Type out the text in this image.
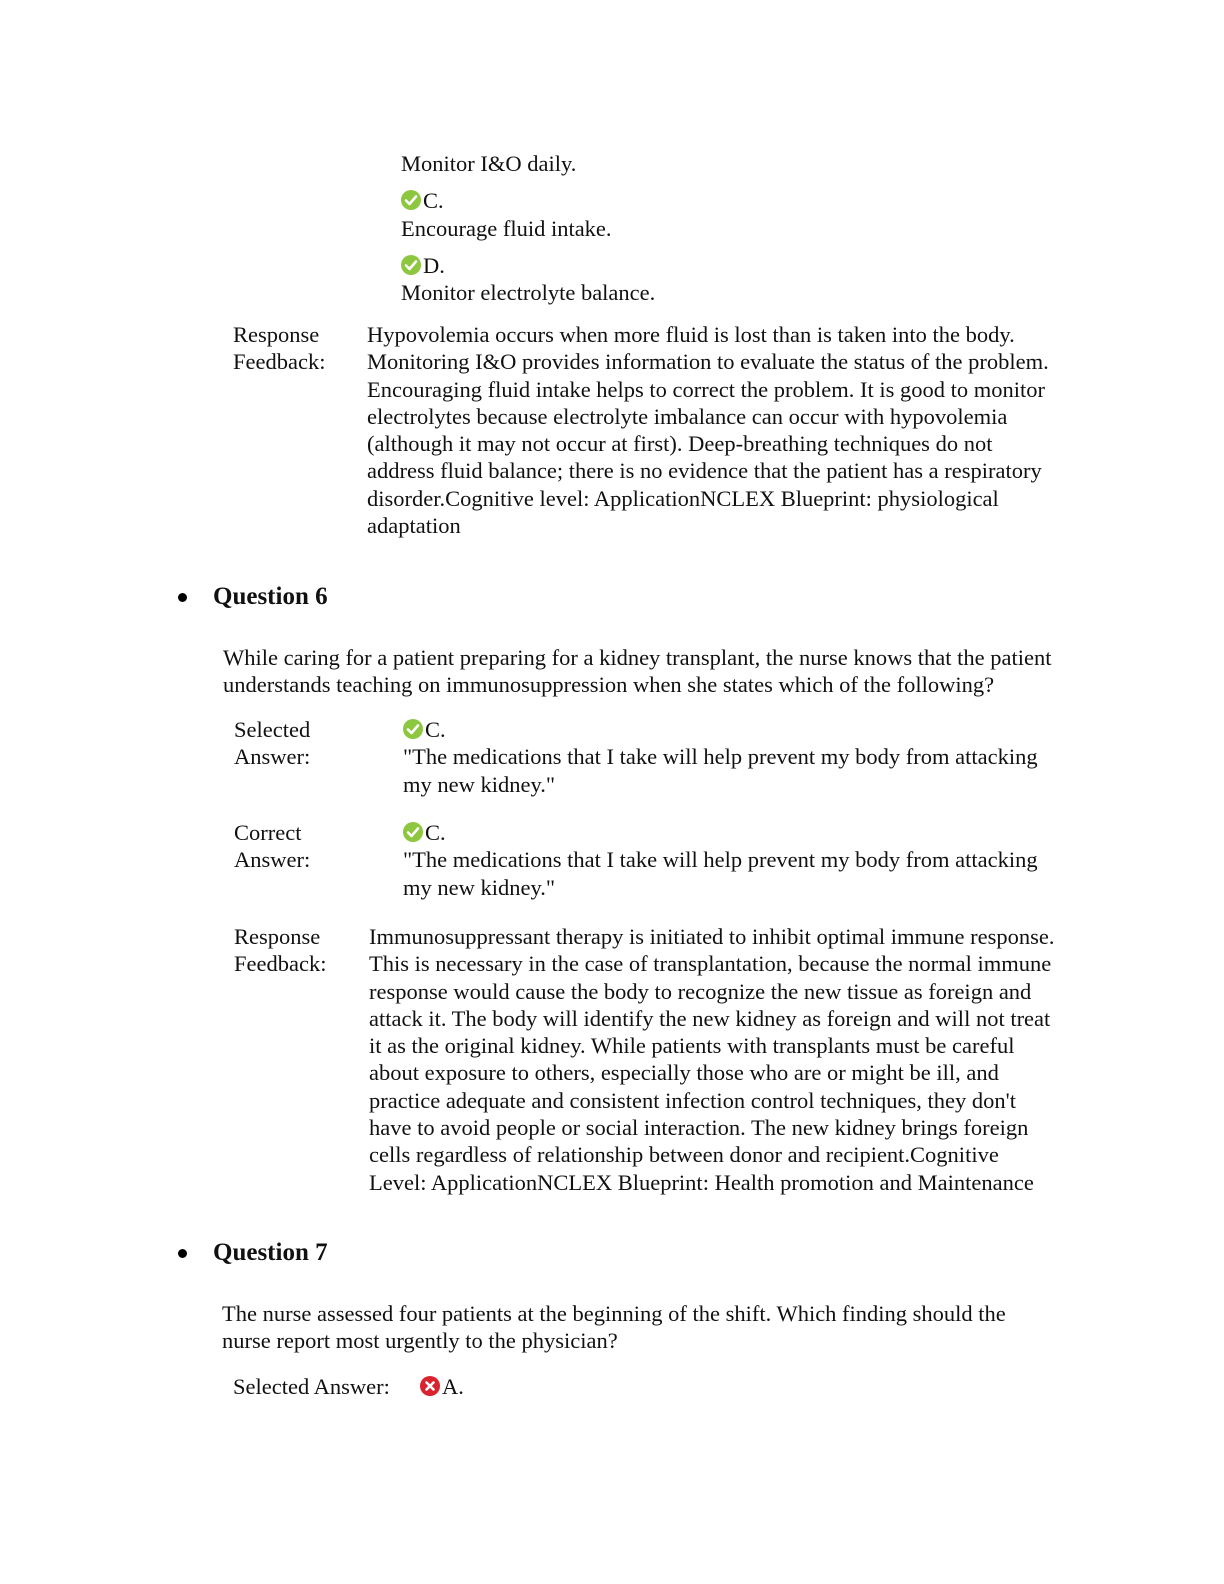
Monitor I&O daily.
C.
Encourage fluid intake.
D.
Monitor electrolyte balance.
Response
Feedback:
Hypovolemia occurs when more fluid is lost than is taken into the body.
Monitoring I&O provides information to evaluate the status of the problem.
Encouraging fluid intake helps to correct the problem. It is good to monitor
electrolytes because electrolyte imbalance can occur with hypovolemia
(although it may not occur at first). Deep-breathing techniques do not
address fluid balance; there is no evidence that the patient has a respiratory
disorder.Cognitive level: ApplicationNCLEX Blueprint: physiological
adaptation
Question 6
While caring for a patient preparing for a kidney transplant, the nurse knows that the patient
understands teaching on immunosuppression when she states which of the following?
Selected
Answer:
C.
"The medications that I take will help prevent my body from attacking
my new kidney."
Correct
Answer:
C.
"The medications that I take will help prevent my body from attacking
my new kidney."
Response
Feedback:
Immunosuppressant therapy is initiated to inhibit optimal immune response.
This is necessary in the case of transplantation, because the normal immune
response would cause the body to recognize the new tissue as foreign and
attack it. The body will identify the new kidney as foreign and will not treat
it as the original kidney. While patients with transplants must be careful
about exposure to others, especially those who are or might be ill, and
practice adequate and consistent infection control techniques, they don't
have to avoid people or social interaction. The new kidney brings foreign
cells regardless of relationship between donor and recipient.Cognitive
Level: ApplicationNCLEX Blueprint: Health promotion and Maintenance
Question 7
The nurse assessed four patients at the beginning of the shift. Which finding should the
nurse report most urgently to the physician?
Selected Answer:	A.
